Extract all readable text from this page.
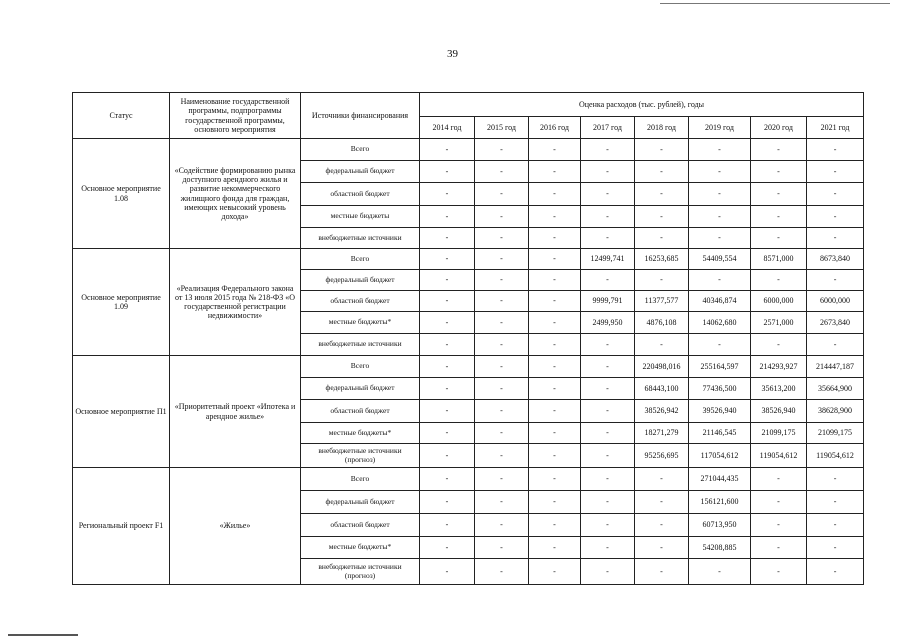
39
Статус	Наименование государственной программы, подпрограммы государственной программы, основного мероприятия	Источники финансирования	Оценка расходов (тыс. рублей), годы							
			2014 год	2015 год	2016 год	2017 год	2018 год	2019 год	2020 год	2021 год
Основное мероприятие 1.08	«Содействие формированию рынка доступного арендного жилья и развитие некоммерческого жилищного фонда для граждан, имеющих невысокий уровень дохода»	Всего	-	-	-	-	-	-	-	-
		федеральный бюджет	-	-	-	-	-	-	-	-
		областной бюджет	-	-	-	-	-	-	-	-
		местные бюджеты	-	-	-	-	-	-	-	-
		внебюджетные источники	-	-	-	-	-	-	-	-
Основное мероприятие 1.09	«Реализация Федерального закона от 13 июля 2015 года № 218-ФЗ «О государственной регистрации недвижимости»	Всего	-	-	-	12499,741	16253,685	54409,554	8571,000	8673,840
		федеральный бюджет	-	-	-	-	-	-	-	-
		областной бюджет	-	-	-	9999,791	11377,577	40346,874	6000,000	6000,000
		местные бюджеты*	-	-	-	2499,950	4876,108	14062,680	2571,000	2673,840
		внебюджетные источники	-	-	-	-	-	-	-	-
Основное мероприятие П1	«Приоритетный проект «Ипотека и арендное жилье»	Всего	-	-	-	-	220498,016	255164,597	214293,927	214447,187
		федеральный бюджет	-	-	-	-	68443,100	77436,500	35613,200	35664,900
		областной бюджет	-	-	-	-	38526,942	39526,940	38526,940	38628,900
		местные бюджеты*	-	-	-	-	18271,279	21146,545	21099,175	21099,175
		внебюджетные источники (прогноз)	-	-	-	-	95256,695	117054,612	119054,612	119054,612
Региональный проект F1	«Жилье»	Всего	-	-	-	-	-	271044,435	-	-
		федеральный бюджет	-	-	-	-	-	156121,600	-	-
		областной бюджет	-	-	-	-	-	60713,950	-	-
		местные бюджеты*	-	-	-	-	-	54208,885	-	-
		внебюджетные источники (прогноз)	-	-	-	-	-	-	-	-
